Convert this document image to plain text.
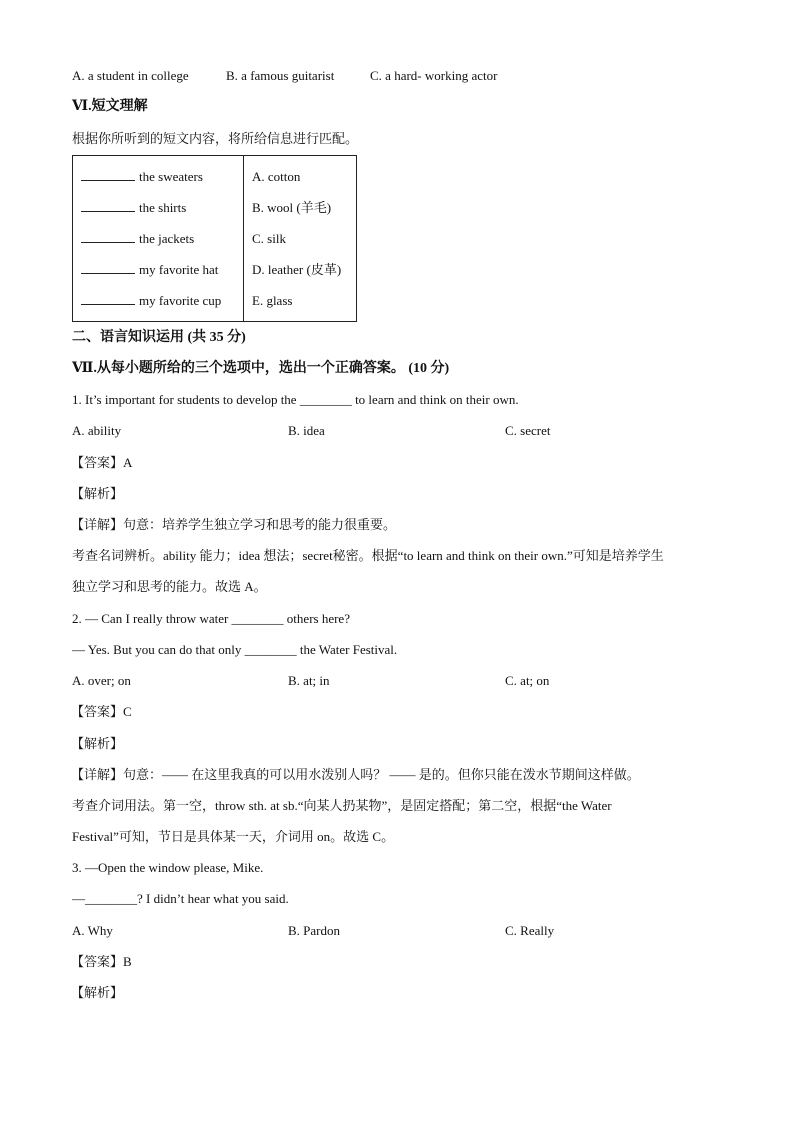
A. a student in college	B. a famous guitarist	C. a hard- working actor
Ⅵ.短文理解
根据你所听到的短文内容，将所给信息进行匹配。
the sweaters	A. cotton
the shirts	B. wool (羊毛)
the jackets	C. silk
my favorite hat	D. leather (皮革)
my favorite cup	E. glass
二、语言知识运用 (共 35 分)
Ⅶ.从每小题所给的三个选项中，选出一个正确答案。 (10 分)
1. It’s important for students to develop the ________ to learn and think on their own.
A. ability	B. idea	C. secret
【答案】A
【解析】
【详解】句意：培养学生独立学习和思考的能力很重要。
考查名词辨析。ability 能力；idea 想法；secret秘密。根据“to learn and think on their own.”可知是培养学生
独立学习和思考的能力。故选 A。
2. — Can I really throw water ________ others here?
— Yes. But you can do that only ________ the Water Festival.
A. over; on	B. at; in	C. at; on
【答案】C
【解析】
【详解】句意：—— 在这里我真的可以用水泼别人吗？ —— 是的。但你只能在泼水节期间这样做。
考查介词用法。第一空，throw sth. at sb.“向某人扔某物”，是固定搭配；第二空，根据“the Water
Festival”可知，节日是具体某一天，介词用 on。故选 C。
3. —Open the window please, Mike.
—________? I didn’t hear what you said.
A. Why	B. Pardon	C. Really
【答案】B
【解析】
